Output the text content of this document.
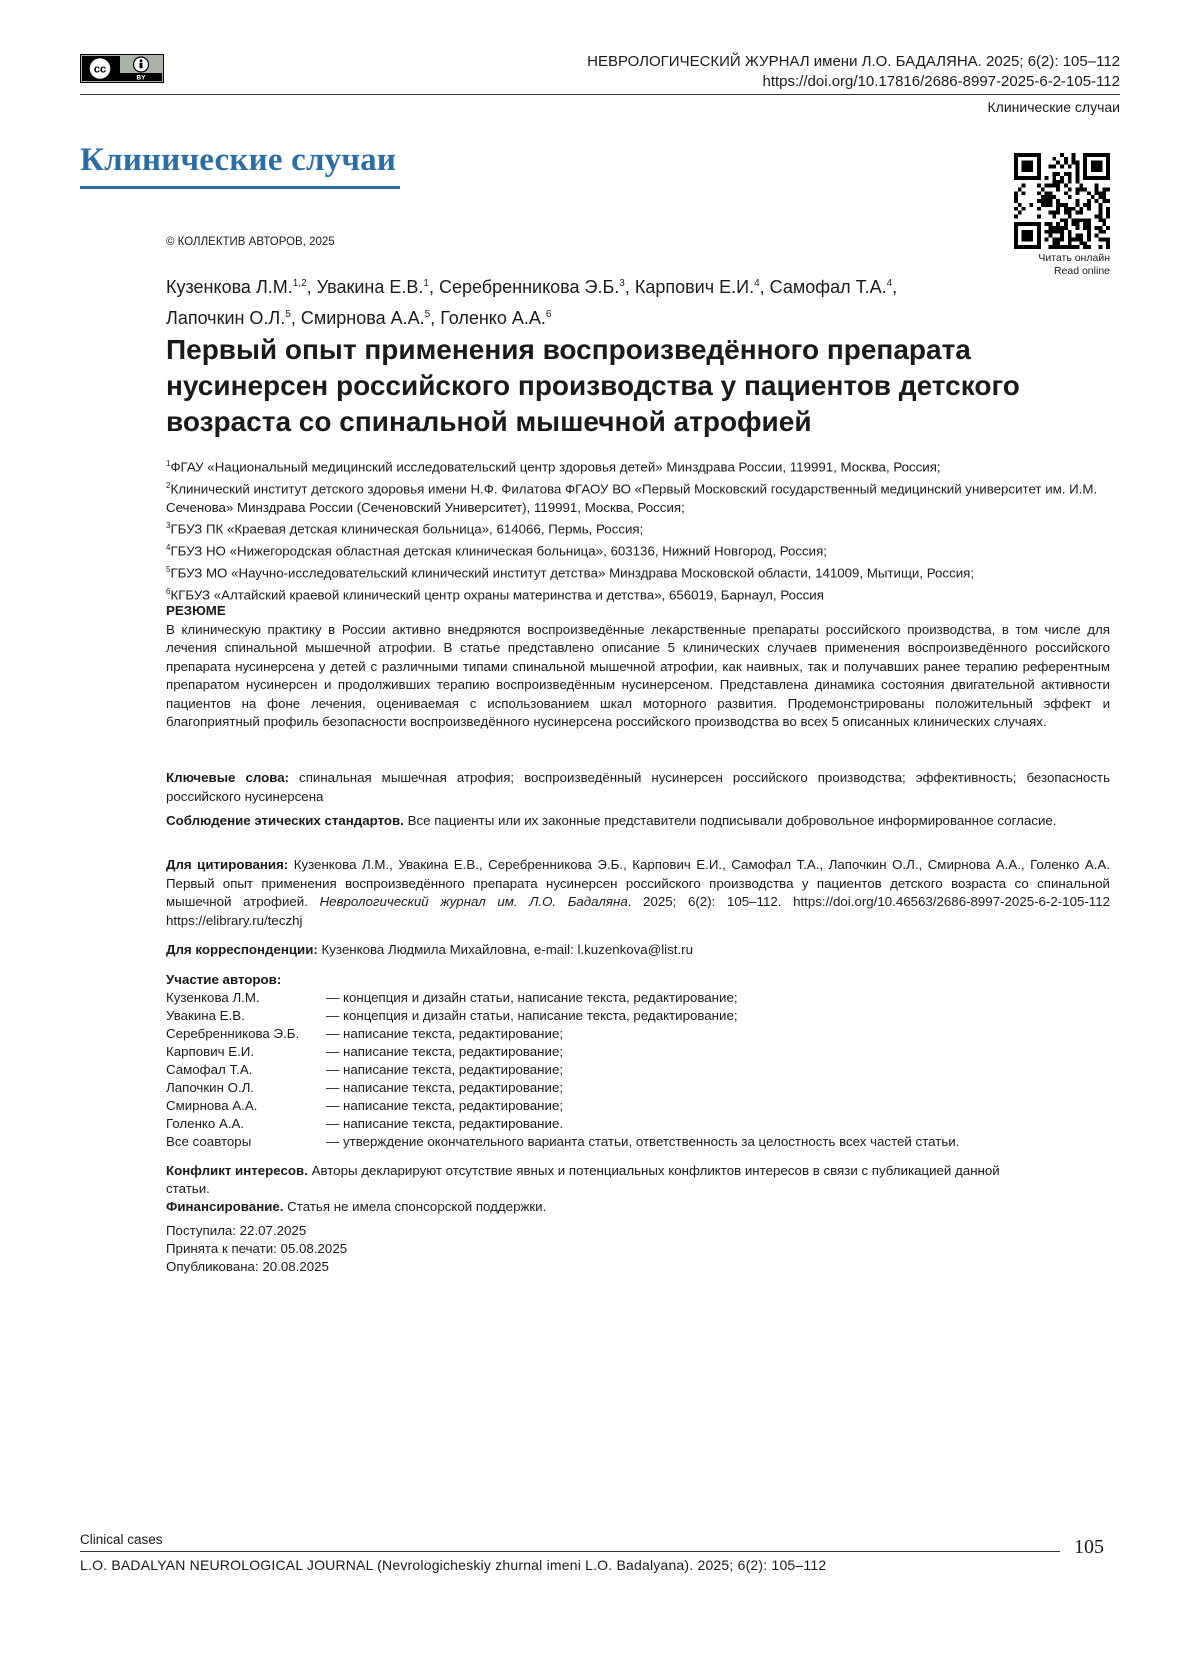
cc
BY
НЕВРОЛОГИЧЕСКИЙ ЖУРНАЛ имени Л.О. БАДАЛЯНА. 2025; 6(2): 105–112
https://doi.org/10.17816/2686-8997-2025-6-2-105-112
Клинические случаи
Клинические случаи
Читать онлайн
Read online
© КОЛЛЕКТИВ АВТОРОВ, 2025
Кузенкова Л.М.$^{1,2}$, Увакина Е.В.$^1$, Серебренникова Э.Б.$^3$, Карпович Е.И.$^4$, Самофал Т.А.$^4$,
Лапочкин О.Л.$^5$, Смирнова А.А.$^5$, Голенко А.А.$^6$
Первый опыт применения воспроизведённого препарата нусинерсен российского производства у пациентов детского возраста со спинальной мышечной атрофией
$^1$ФГАУ «Национальный медицинский исследовательский центр здоровья детей» Минздрава России, 119991, Москва, Россия;
$^2$Клинический институт детского здоровья имени Н.Ф. Филатова ФГАОУ ВО «Первый Московский государственный медицинский университет им. И.М. Сеченова» Минздрава России (Сеченовский Университет), 119991, Москва, Россия;
$^3$ГБУЗ ПК «Краевая детская клиническая больница», 614066, Пермь, Россия;
$^4$ГБУЗ НО «Нижегородская областная детская клиническая больница», 603136, Нижний Новгород, Россия;
$^5$ГБУЗ МО «Научно-исследовательский клинический институт детства» Минздрава Московской области, 141009, Мытищи, Россия;
$^6$КГБУЗ «Алтайский краевой клинический центр охраны материнства и детства», 656019, Барнаул, Россия
РЕЗЮМЕ

В клиническую практику в России активно внедряются воспроизведённые лекарственные препараты российского производства, в том числе для лечения спинальной мышечной атрофии. В статье представлено описание 5 клинических случаев применения воспроизведённого российского препарата нусинерсена у детей с различными типами спинальной мышечной атрофии, как наивных, так и получавших ранее терапию референтным препаратом нусинерсен и продолживших терапию воспроизведённым нусинерсеном. Представлена динамика состояния двигательной активности пациентов на фоне лечения, оцениваемая с использованием шкал моторного развития. Продемонстрированы положительный эффект и благоприятный профиль безопасности воспроизведённого нусинерсена российского производства во всех 5 описанных клинических случаях.

Ключевые слова: спинальная мышечная атрофия; воспроизведённый нусинерсен российского производства; эффективность; безопасность российского нусинерсена
Соблюдение этических стандартов. Все пациенты или их законные представители подписывали добровольное информированное согласие.
Для цитирования: Кузенкова Л.М., Увакина Е.В., Серебренникова Э.Б., Карпович Е.И., Самофал Т.А., Лапочкин О.Л., Смирнова А.А., Голенко А.А. Первый опыт применения воспроизведённого препарата нусинерсен российского производства у пациентов детского возраста со спинальной мышечной атрофией. Неврологический журнал им. Л.О. Бадаляна. 2025; 6(2): 105–112. https://doi.org/10.46563/2686-8997-2025-6-2-105-112 https://elibrary.ru/teczhj
Для корреспонденции: Кузенкова Людмила Михайловна, e-mail: l.kuzenkova@list.ru
Участие авторов:
Кузенкова Л.М.	— концепция и дизайн статьи, написание текста, редактирование;
Увакина Е.В.	— концепция и дизайн статьи, написание текста, редактирование;
Серебренникова Э.Б.	— написание текста, редактирование;
Карпович Е.И.	— написание текста, редактирование;
Самофал Т.А.	— написание текста, редактирование;
Лапочкин О.Л.	— написание текста, редактирование;
Смирнова А.А.	— написание текста, редактирование;
Голенко А.А.	— написание текста, редактирование.
Все соавторы	— утверждение окончательного варианта статьи, ответственность за целостность всех частей статьи.
Конфликт интересов. Авторы декларируют отсутствие явных и потенциальных конфликтов интересов в связи с публикацией данной статьи.
Финансирование. Статья не имела спонсорской поддержки.
Поступила: 22.07.2025
Принята к печати: 05.08.2025
Опубликована: 20.08.2025
Clinical cases	105
L.O. BADALYAN NEUROLOGICAL JOURNAL (Nevrologicheskiy zhurnal imeni L.O. Badalyana). 2025; 6(2): 105–112
